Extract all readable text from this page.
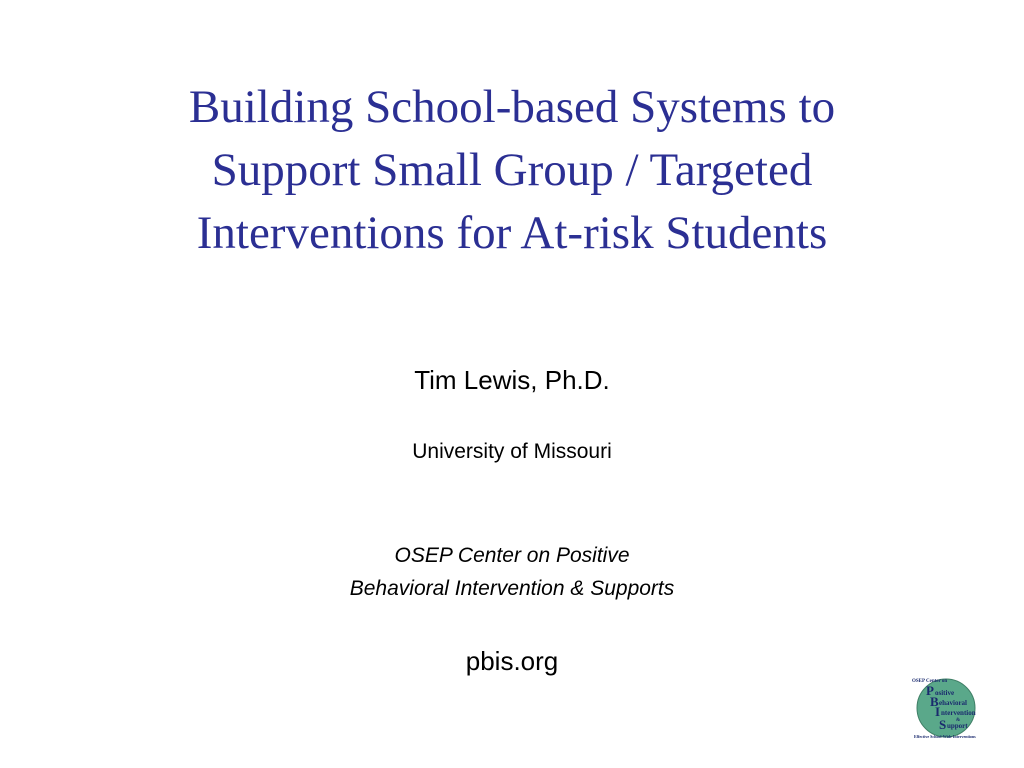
Building School-based Systems to
Support Small Group / Targeted
Interventions for At-risk Students
Tim Lewis, Ph.D.
University of Missouri
OSEP Center on Positive
Behavioral Intervention & Supports
pbis.org
OSEP Center on
P ositive
B ehavioral
I ntervention
&
S upport
Effective School-Wide Interventions
